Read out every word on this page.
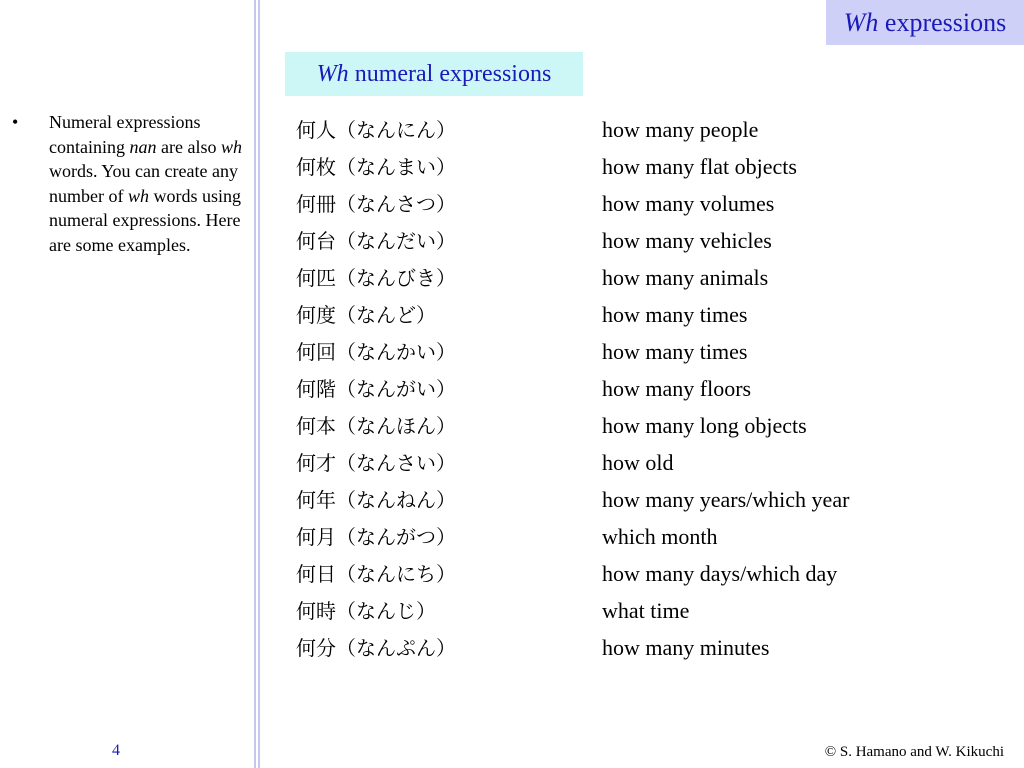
Wh expressions
Wh numeral expressions
• Numeral expressions containing nan are also wh words. You can create any number of wh words using numeral expressions. Here are some examples.
何人（なんにん）	how many people
何枚（なんまい）	how many flat objects
何冊（なんさつ）	how many volumes
何台（なんだい）	how many vehicles
何匹（なんびき）	how many animals
何度（なんど）	how many times
何回（なんかい）	how many times
何階（なんがい）	how many floors
何本（なんほん）	how many long objects
何才（なんさい）	how old
何年（なんねん）	how many years/which year
何月（なんがつ）	which month
何日（なんにち）	how many days/which day
何時（なんじ）	what time
何分（なんぷん）	how many minutes
4	© S. Hamano and W. Kikuchi
